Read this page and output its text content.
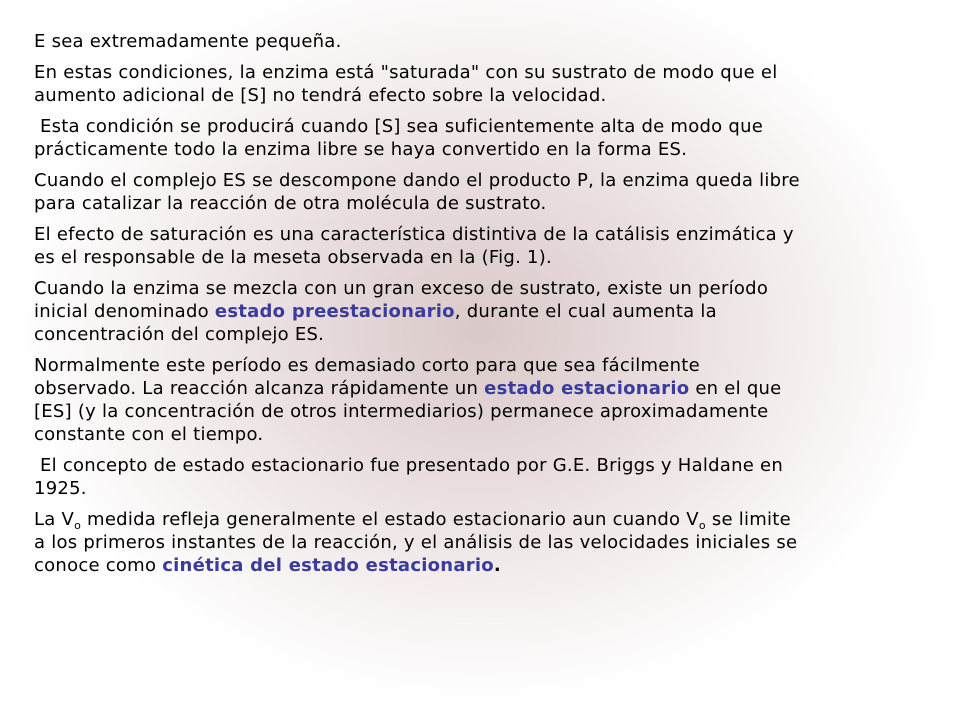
E sea extremadamente pequeña.

En estas condiciones, la enzima está "saturada" con su sustrato de modo que el
aumento adicional de [S] no tendrá efecto sobre la velocidad.

Esta condición se producirá cuando [S] sea suficientemente alta de modo que
prácticamente todo la enzima libre se haya convertido en la forma ES.

Cuando el complejo ES se descompone dando el producto P, la enzima queda libre
para catalizar la reacción de otra molécula de sustrato.

El efecto de saturación es una característica distintiva de la catálisis enzimática y
es el responsable de la meseta observada en la (Fig. 1).

Cuando la enzima se mezcla con un gran exceso de sustrato, existe un período
inicial denominado estado preestacionario, durante el cual aumenta la
concentración del complejo ES.

Normalmente este período es demasiado corto para que sea fácilmente
observado. La reacción alcanza rápidamente un estado estacionario en el que
[ES] (y la concentración de otros intermediarios) permanece aproximadamente
constante con el tiempo.

El concepto de estado estacionario fue presentado por G.E. Briggs y Haldane en
1925.

La $V_o$ medida refleja generalmente el estado estacionario aun cuando $V_o$ se limite
a los primeros instantes de la reacción, y el análisis de las velocidades iniciales se
conoce como cinética del estado estacionario.
